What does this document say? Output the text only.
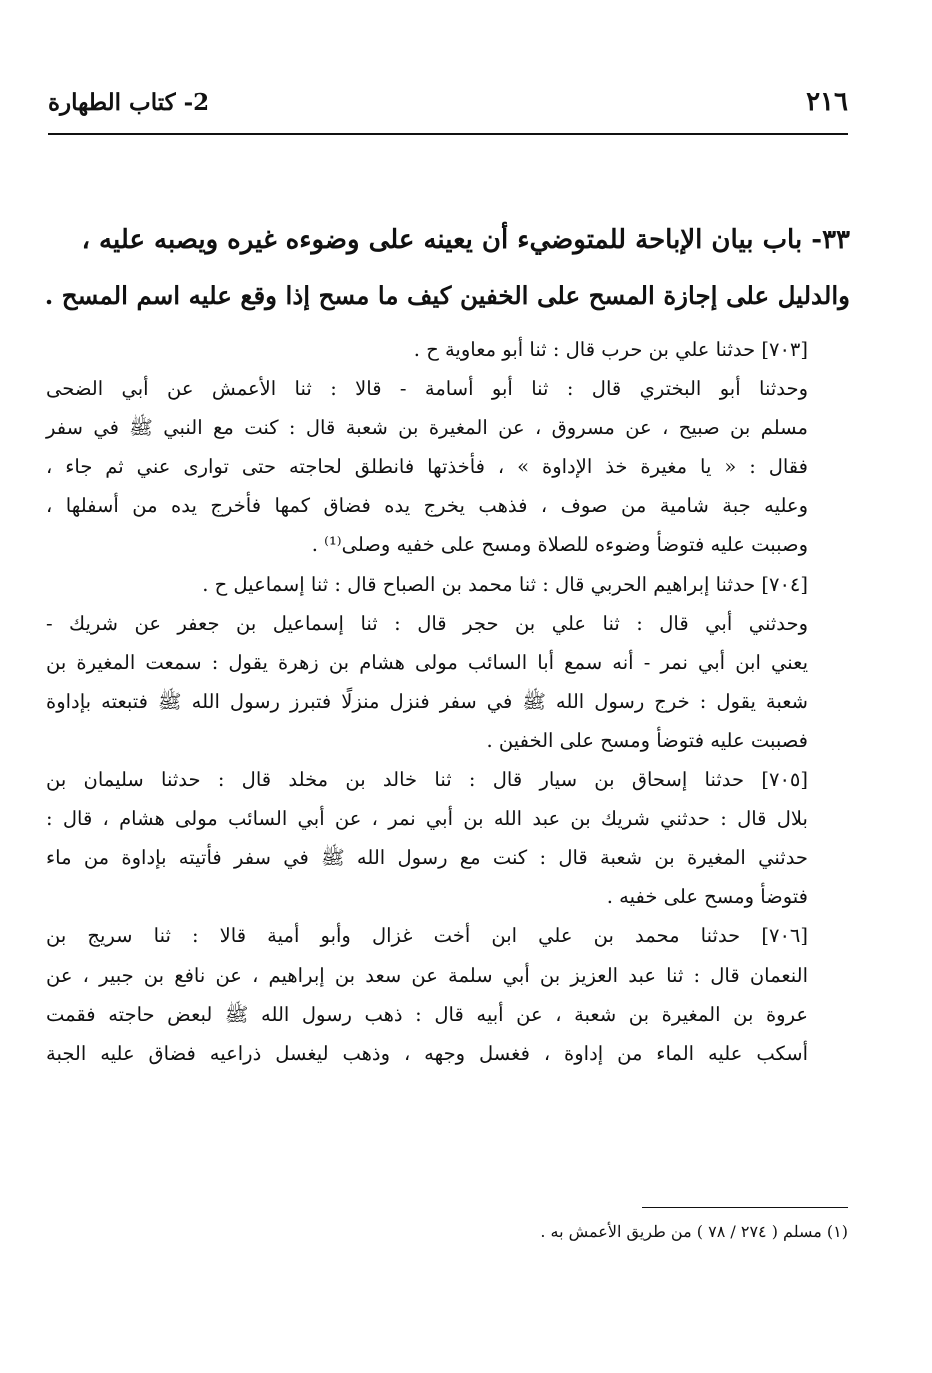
٢١٦
2- كتاب الطهارة
٣٣- باب بيان الإباحة للمتوضيء أن يعينه على وضوءه غيره ويصبه عليه ،
والدليل على إجازة المسح على الخفين كيف ما مسح إذا وقع عليه اسم المسح .

[٧٠٣] حدثنا علي بن حرب قال : ثنا أبو معاوية ح .

وحدثنا أبو البختري قال : ثنا أبو أسامة - قالا : ثنا الأعمش عن أبي الضحى
مسلم بن صبيح ، عن مسروق ، عن المغيرة بن شعبة قال : كنت مع النبي ﷺ في سفر
فقال : « يا مغيرة خذ الإداوة » ، فأخذتها فانطلق لحاجته حتى توارى عني ثم جاء ،
وعليه جبة شامية من صوف ، فذهب يخرج يده فضاق كمها فأخرج يده من أسفلها ،
وصببت عليه فتوضأ وضوءه للصلاة ومسح على خفيه وصلى⁽¹⁾ .

[٧٠٤] حدثنا إبراهيم الحربي قال : ثنا محمد بن الصباح قال : ثنا إسماعيل ح .

وحدثني أبي قال : ثنا علي بن حجر قال : ثنا إسماعيل بن جعفر عن شريك -
يعني ابن أبي نمر - أنه سمع أبا السائب مولى هشام بن زهرة يقول : سمعت المغيرة بن
شعبة يقول : خرج رسول الله ﷺ في سفر فنزل منزلًا فتبرز رسول الله ﷺ فتبعته بإداوة
فصببت عليه فتوضأ ومسح على الخفين .

[٧٠٥] حدثنا إسحاق بن سيار قال : ثنا خالد بن مخلد قال : حدثنا سليمان بن
بلال قال : حدثني شريك بن عبد الله بن أبي نمر ، عن أبي السائب مولى هشام ، قال :
حدثني المغيرة بن شعبة قال : كنت مع رسول الله ﷺ في سفر فأتيته بإداوة من ماء
فتوضأ ومسح على خفيه .

[٧٠٦] حدثنا محمد بن علي ابن أخت غزال وأبو أمية قالا : ثنا سريج بن
النعمان قال : ثنا عبد العزيز بن أبي سلمة عن سعد بن إبراهيم ، عن نافع بن جبير ، عن
عروة بن المغيرة بن شعبة ، عن أبيه قال : ذهب رسول الله ﷺ لبعض حاجته فقمت
أسكب عليه الماء من إداوة ، فغسل وجهه ، وذهب ليغسل ذراعيه فضاق عليه الجبة

(١) مسلم ( ٢٧٤ / ٧٨ ) من طريق الأعمش به .
